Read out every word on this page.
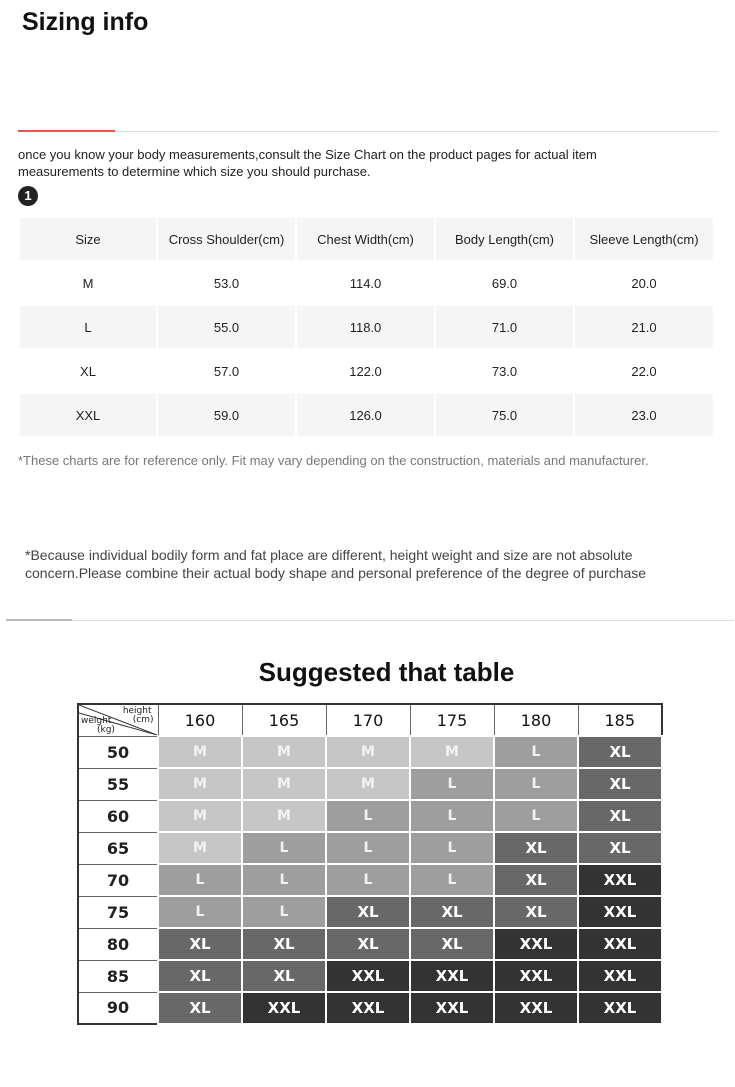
Sizing info
once you know your body measurements,consult the Size Chart on the product pages for actual item measurements to determine which size you should purchase.
1
Size	Cross Shoulder(cm)	Chest Width(cm)	Body Length(cm)	Sleeve Length(cm)
M	53.0	114.0	69.0	20.0
L	55.0	118.0	71.0	21.0
XL	57.0	122.0	73.0	22.0
XXL	59.0	126.0	75.0	23.0
*These charts are for reference only. Fit may vary depending on the construction, materials and manufacturer.
*Because individual bodily form and fat place are different, height weight and size are not absolute concern.Please combine their actual body shape and personal preference of the degree of purchase
Suggested that table
height
(cm)
weight
(kg)	160	165	170	175	180	185
50	M	M	M	M	L	XL
55	M	M	M	L	L	XL
60	M	M	L	L	L	XL
65	M	L	L	L	XL	XL
70	L	L	L	L	XL	XXL
75	L	L	XL	XL	XL	XXL
80	XL	XL	XL	XL	XXL	XXL
85	XL	XL	XXL	XXL	XXL	XXL
90	XL	XXL	XXL	XXL	XXL	XXL
